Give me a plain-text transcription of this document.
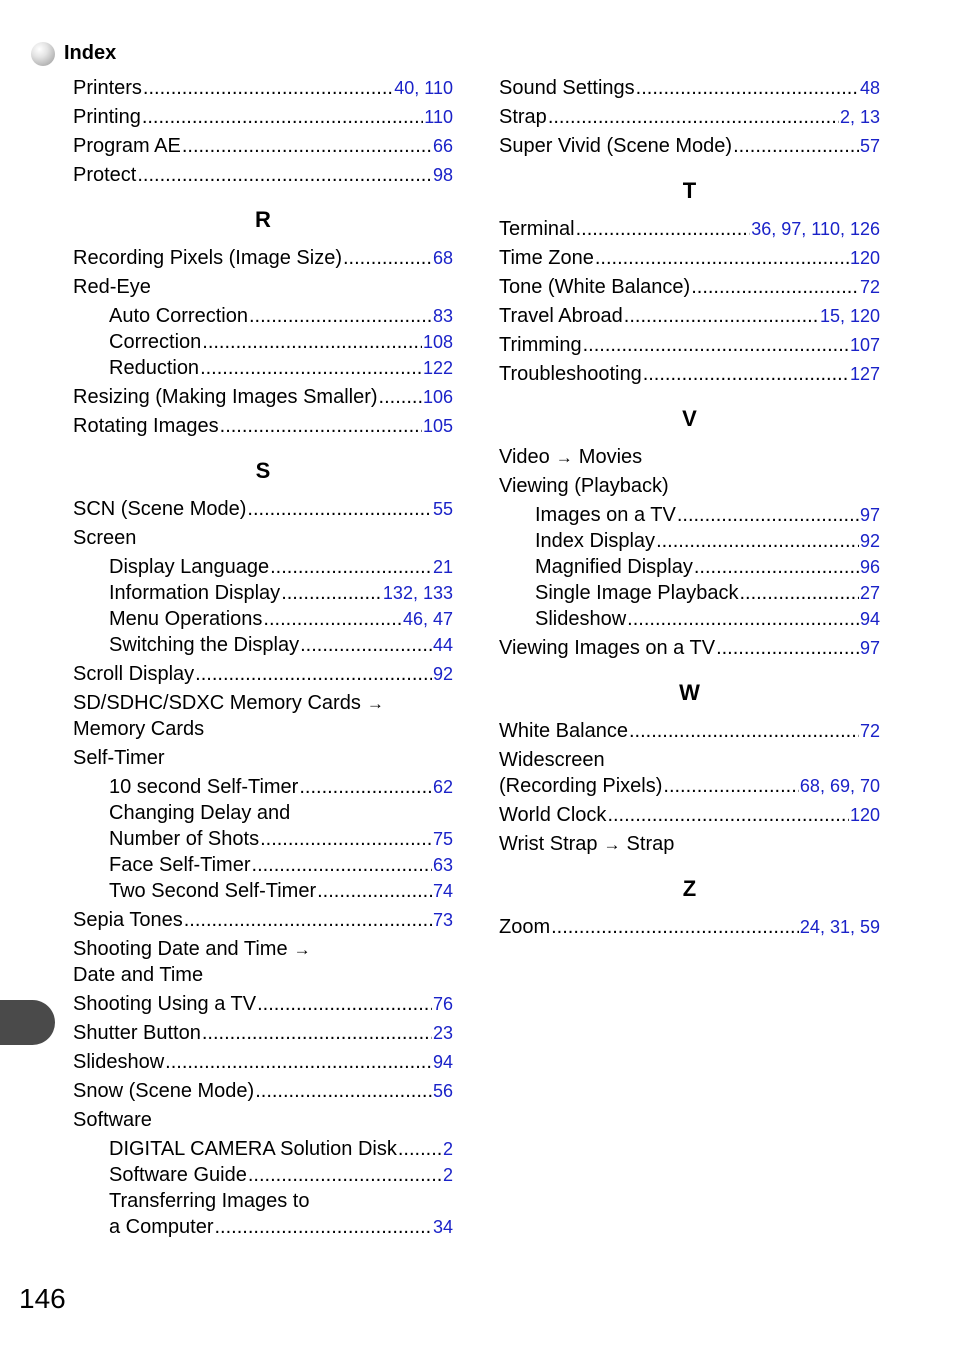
Index
Printers .....	40, 110
Printing .....	110
Program AE .....	66
Protect .....	98
R
Recording Pixels (Image Size) .....	68
Red-Eye
Auto Correction .....	83
Correction .....	108
Reduction .....	122
Resizing (Making Images Smaller) .....	106
Rotating Images .....	105
S
SCN (Scene Mode) .....	55
Screen
Display Language .....	21
Information Display .....	132, 133
Menu Operations .....	46, 47
Switching the Display .....	44
Scroll Display .....	92
SD/SDHC/SDXC Memory Cards →
Memory Cards
Self-Timer
10 second Self-Timer .....	62
Changing Delay and
Number of Shots .....	75
Face Self-Timer .....	63
Two Second Self-Timer .....	74
Sepia Tones .....	73
Shooting Date and Time →
Date and Time
Shooting Using a TV .....	76
Shutter Button .....	23
Slideshow .....	94
Snow (Scene Mode) .....	56
Software
DIGITAL CAMERA Solution Disk .....	2
Software Guide .....	2
Transferring Images to
a Computer .....	34
Sound Settings .....	48
Strap .....	2, 13
Super Vivid (Scene Mode) .....	57
T
Terminal .....	36, 97, 110, 126
Time Zone .....	120
Tone (White Balance) .....	72
Travel Abroad .....	15, 120
Trimming .....	107
Troubleshooting .....	127
V
Video → Movies
Viewing (Playback)
Images on a TV .....	97
Index Display .....	92
Magnified Display .....	96
Single Image Playback .....	27
Slideshow .....	94
Viewing Images on a TV .....	97
W
White Balance .....	72
Widescreen
(Recording Pixels) .....	68, 69, 70
World Clock .....	120
Wrist Strap → Strap
Z
Zoom .....	24, 31, 59
146
